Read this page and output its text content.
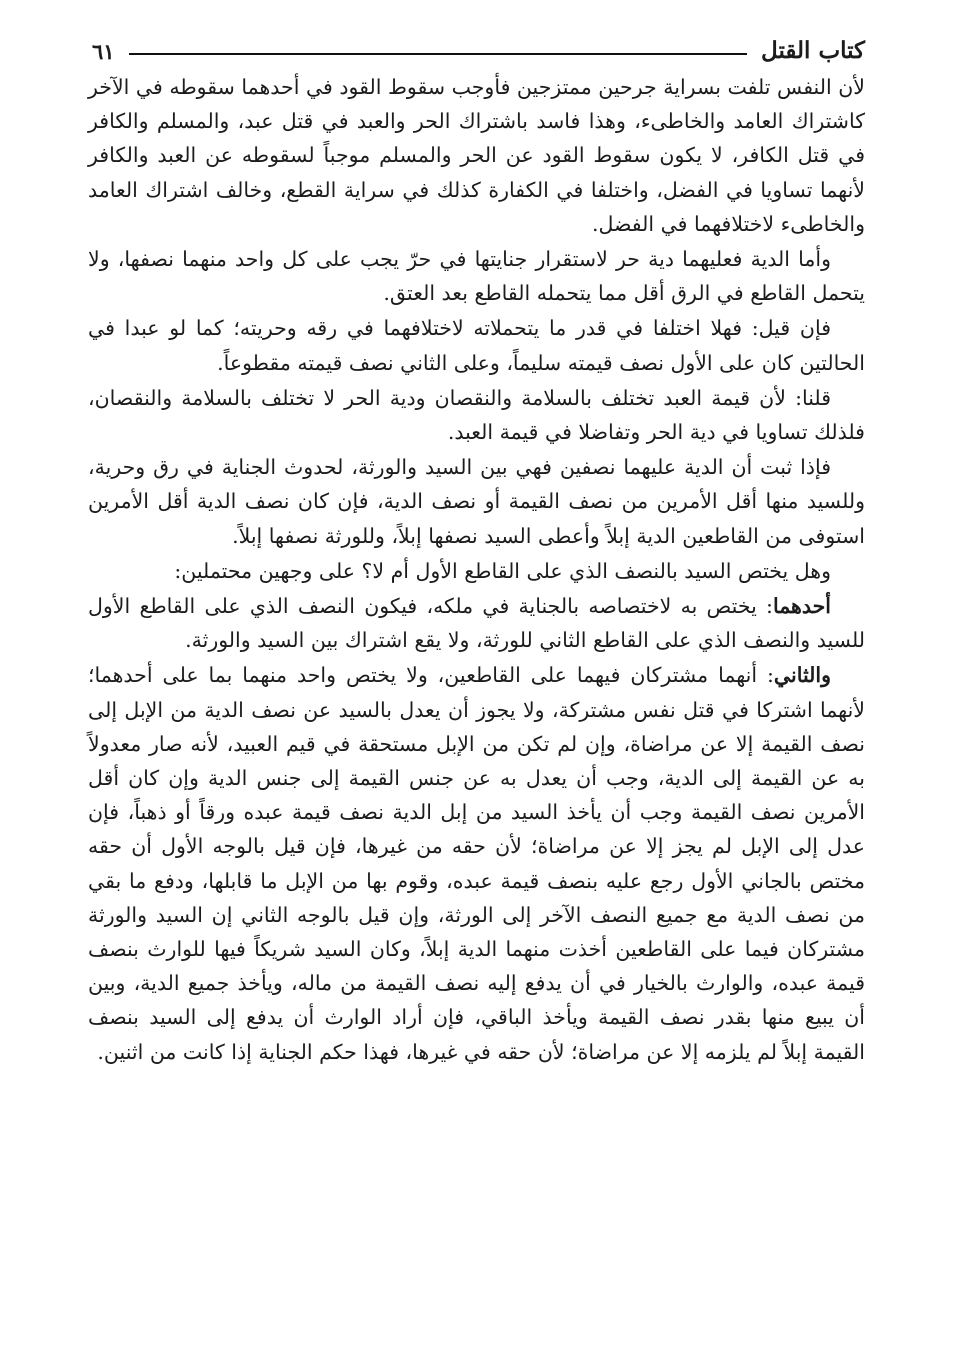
كتاب القتل
٦١

لأن النفس تلفت بسراية جرحين ممتزجين فأوجب سقوط القود في أحدهما سقوطه في الآخر كاشتراك العامد والخاطىء، وهذا فاسد باشتراك الحر والعبد في قتل عبد، والمسلم والكافر في قتل الكافر، لا يكون سقوط القود عن الحر والمسلم موجباً لسقوطه عن العبد والكافر لأنهما تساويا في الفضل، واختلفا في الكفارة كذلك في سراية القطع، وخالف اشتراك العامد والخاطىء لاختلافهما في الفضل.

وأما الدية فعليهما دية حر لاستقرار جنايتها في حرّ يجب على كل واحد منهما نصفها، ولا يتحمل القاطع في الرق أقل مما يتحمله القاطع بعد العتق.

فإن قيل: فهلا اختلفا في قدر ما يتحملاته لاختلافهما في رقه وحريته؛ كما لو عبدا في الحالتين كان على الأول نصف قيمته سليماً، وعلى الثاني نصف قيمته مقطوعاً.

قلنا: لأن قيمة العبد تختلف بالسلامة والنقصان ودية الحر لا تختلف بالسلامة والنقصان، فلذلك تساويا في دية الحر وتفاضلا في قيمة العبد.

فإذا ثبت أن الدية عليهما نصفين فهي بين السيد والورثة، لحدوث الجناية في رق وحرية، وللسيد منها أقل الأمرين من نصف القيمة أو نصف الدية، فإن كان نصف الدية أقل الأمرين استوفى من القاطعين الدية إبلاً وأعطى السيد نصفها إبلاً، وللورثة نصفها إبلاً.

وهل يختص السيد بالنصف الذي على القاطع الأول أم لا؟ على وجهين محتملين:

أحدهما: يختص به لاختصاصه بالجناية في ملكه، فيكون النصف الذي على القاطع الأول للسيد والنصف الذي على القاطع الثاني للورثة، ولا يقع اشتراك بين السيد والورثة.

والثاني: أنهما مشتركان فيهما على القاطعين، ولا يختص واحد منهما بما على أحدهما؛ لأنهما اشتركا في قتل نفس مشتركة، ولا يجوز أن يعدل بالسيد عن نصف الدية من الإبل إلى نصف القيمة إلا عن مراضاة، وإن لم تكن من الإبل مستحقة في قيم العبيد، لأنه صار معدولاً به عن القيمة إلى الدية، وجب أن يعدل به عن جنس القيمة إلى جنس الدية وإن كان أقل الأمرين نصف القيمة وجب أن يأخذ السيد من إبل الدية نصف قيمة عبده ورقاً أو ذهباً، فإن عدل إلى الإبل لم يجز إلا عن مراضاة؛ لأن حقه من غيرها، فإن قيل بالوجه الأول أن حقه مختص بالجاني الأول رجع عليه بنصف قيمة عبده، وقوم بها من الإبل ما قابلها، ودفع ما بقي من نصف الدية مع جميع النصف الآخر إلى الورثة، وإن قيل بالوجه الثاني إن السيد والورثة مشتركان فيما على القاطعين أخذت منهما الدية إبلاً، وكان السيد شريكاً فيها للوارث بنصف قيمة عبده، والوارث بالخيار في أن يدفع إليه نصف القيمة من ماله، ويأخذ جميع الدية، وبين أن يبيع منها بقدر نصف القيمة ويأخذ الباقي، فإن أراد الوارث أن يدفع إلى السيد بنصف القيمة إبلاً لم يلزمه إلا عن مراضاة؛ لأن حقه في غيرها، فهذا حكم الجناية إذا كانت من اثنين.
